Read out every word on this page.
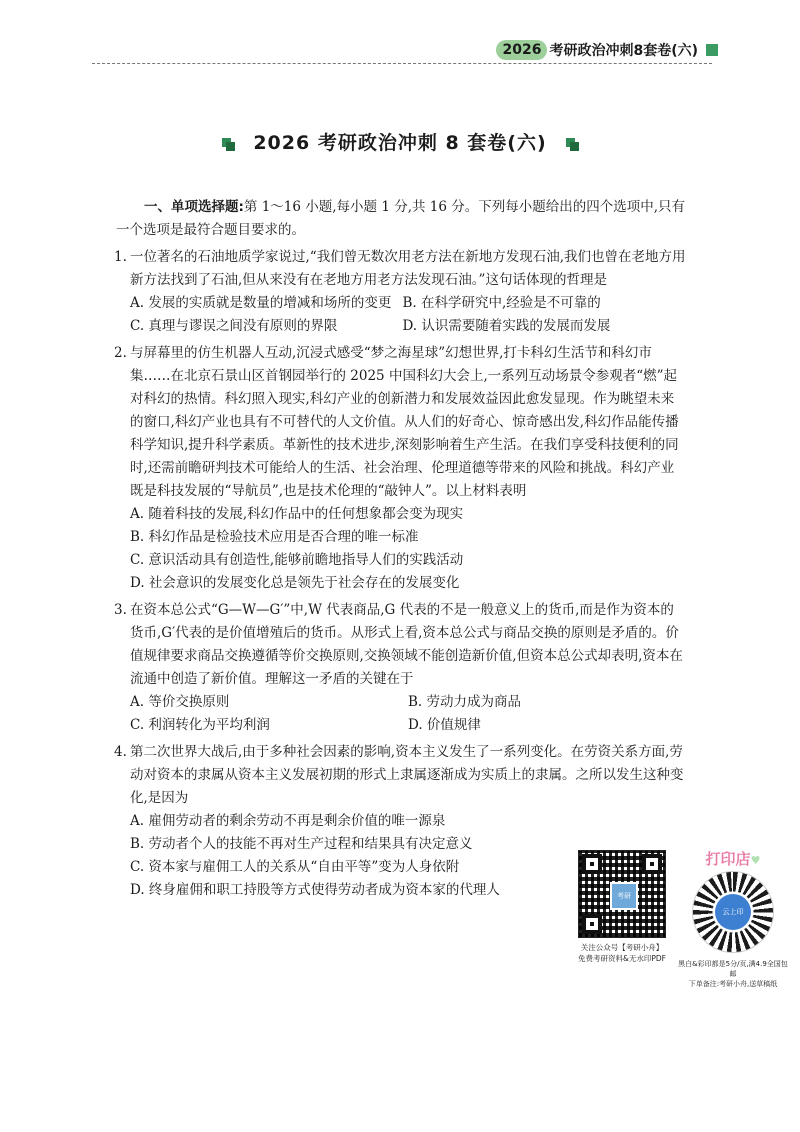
2026 考研政治冲刺8套卷(六)
2026 考研政治冲刺 8 套卷(六)

一、单项选择题:第 1～16 小题,每小题 1 分,共 16 分。下列每小题给出的四个选项中,只有一个选项是最符合题目要求的。

1. 一位著名的石油地质学家说过,“我们曾无数次用老方法在新地方发现石油,我们也曾在老地方用新方法找到了石油,但从来没有在老地方用老方法发现石油。”这句话体现的哲理是
A. 发展的实质就是数量的增减和场所的变更 B. 在科学研究中,经验是不可靠的
C. 真理与谬误之间没有原则的界限	D. 认识需要随着实践的发展而发展
2. 与屏幕里的仿生机器人互动,沉浸式感受“梦之海星球”幻想世界,打卡科幻生活节和科幻市集……在北京石景山区首钢园举行的 2025 中国科幻大会上,一系列互动场景令参观者“燃”起对科幻的热情。科幻照入现实,科幻产业的创新潜力和发展效益因此愈发显现。作为眺望未来的窗口,科幻产业也具有不可替代的人文价值。从人们的好奇心、惊奇感出发,科幻作品能传播科学知识,提升科学素质。革新性的技术进步,深刻影响着生产生活。在我们享受科技便利的同时,还需前瞻研判技术可能给人的生活、社会治理、伦理道德等带来的风险和挑战。科幻产业既是科技发展的“导航员”,也是技术伦理的“敲钟人”。以上材料表明
A. 随着科技的发展,科幻作品中的任何想象都会变为现实
B. 科幻作品是检验技术应用是否合理的唯一标准
C. 意识活动具有创造性,能够前瞻地指导人们的实践活动
D. 社会意识的发展变化总是领先于社会存在的发展变化
3. 在资本总公式“G—W—G′”中,W 代表商品,G 代表的不是一般意义上的货币,而是作为资本的货币,G′代表的是价值增殖后的货币。从形式上看,资本总公式与商品交换的原则是矛盾的。价值规律要求商品交换遵循等价交换原则,交换领域不能创造新价值,但资本总公式却表明,资本在流通中创造了新价值。理解这一矛盾的关键在于
A. 等价交换原则	B. 劳动力成为商品
C. 利润转化为平均利润	D. 价值规律
4. 第二次世界大战后,由于多种社会因素的影响,资本主义发生了一系列变化。在劳资关系方面,劳动对资本的隶属从资本主义发展初期的形式上隶属逐渐成为实质上的隶属。之所以发生这种变化,是因为
A. 雇佣劳动者的剩余劳动不再是剩余价值的唯一源泉
B. 劳动者个人的技能不再对生产过程和结果具有决定意义
C. 资本家与雇佣工人的关系从“自由平等”变为人身依附
D. 终身雇佣和职工持股等方式使得劳动者成为资本家的代理人	考研
关注公众号【考研小舟】
免费考研资料&无水印PDF
打印店♥
云上印
黑白&彩印都是5分/页,满4.9全国包邮
下单备注:考研小舟,送草稿纸
